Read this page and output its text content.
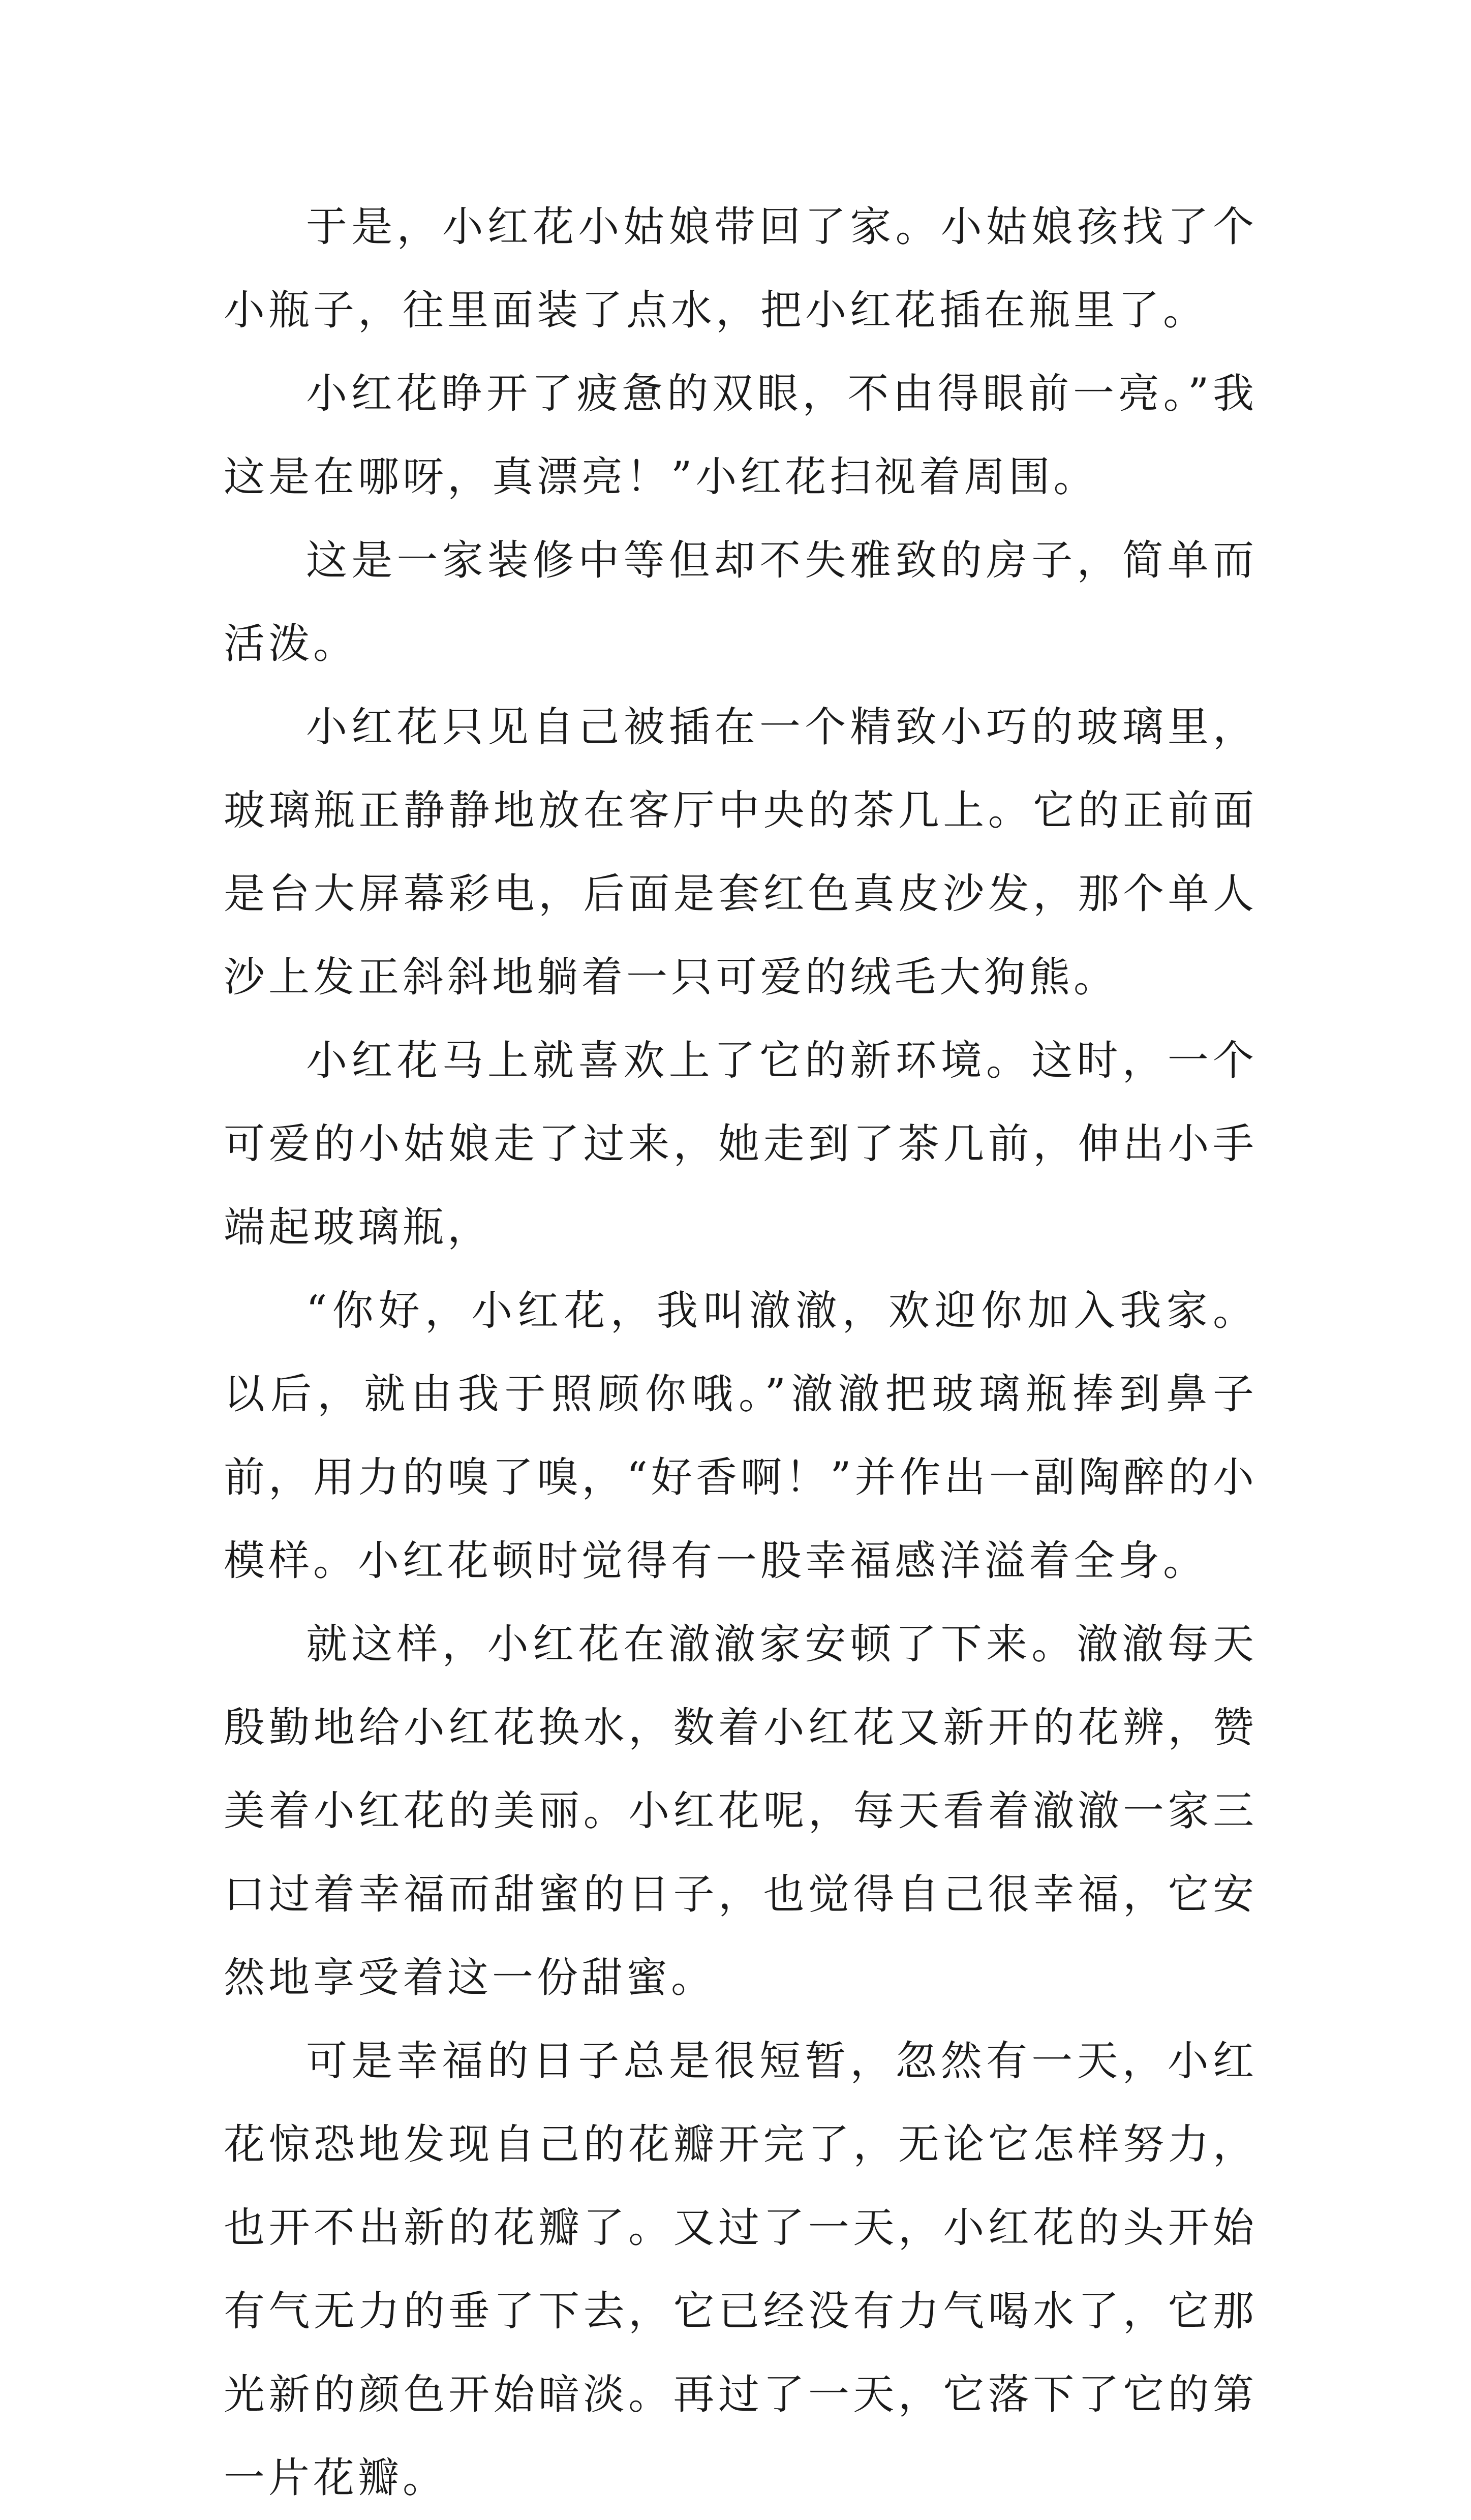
于是，小红花小姑娘带回了家。小姑娘孩找了个小瓶子，往里面装了点水，把小红花插在瓶里了。

小红花睁开了疲惫的双眼，不由得眼前一亮。”我这是在哪呀，真漂亮！”小红花扫视着周围。

这是一家装修中等但却不失雅致的房子，简单而活泼。

小红花只见自己被插在一个精致小巧的玻璃里，玻璃瓶正静静地放在客厅中央的茶几上。它的正前面是台大屏幕彩电，后面是套红色真皮沙发，那个单人沙上发正斜斜地躺着一只可爱的绒毛大狗熊。

小红花马上就喜欢上了它的新环境。这时，一个可爱的小姑娘走了过来，她走到了茶几前，伸出小手端起玻璃瓶，

“你好，小红花，我叫澈澈，欢迎你加入我家。以后，就由我于照顾你哦。”澈澈把玻璃瓶捧到鼻子前，用力的嗅了嗅，“好香啊！”并作出一副陶醉的小模样。小红花顿时觉得有一股幸福感洋溢着全身。

就这样，小红花在澈澈家安顿了下来。澈澈每天殷勤地给小红花换水，数着小红花又新开的花辨，赞美着小红花的美丽。小红花呢，每天看着澈澈一家三口过着幸福而甜蜜的日子，也觉得自己很幸福，它安然地享受着这一份甜蜜。

可是幸福的日子总是很短暂，忽然有一天，小红花惊恐地发现自己的花瓣开完了，无论它怎样努力，也开不出新的花瓣了。又过了一天，小红花的头开始有气无力的垂了下去，它已经没有力气喝水了，它那光新的颜色开始暗淡。再过了一天，它落下了它的第一片花瓣。
